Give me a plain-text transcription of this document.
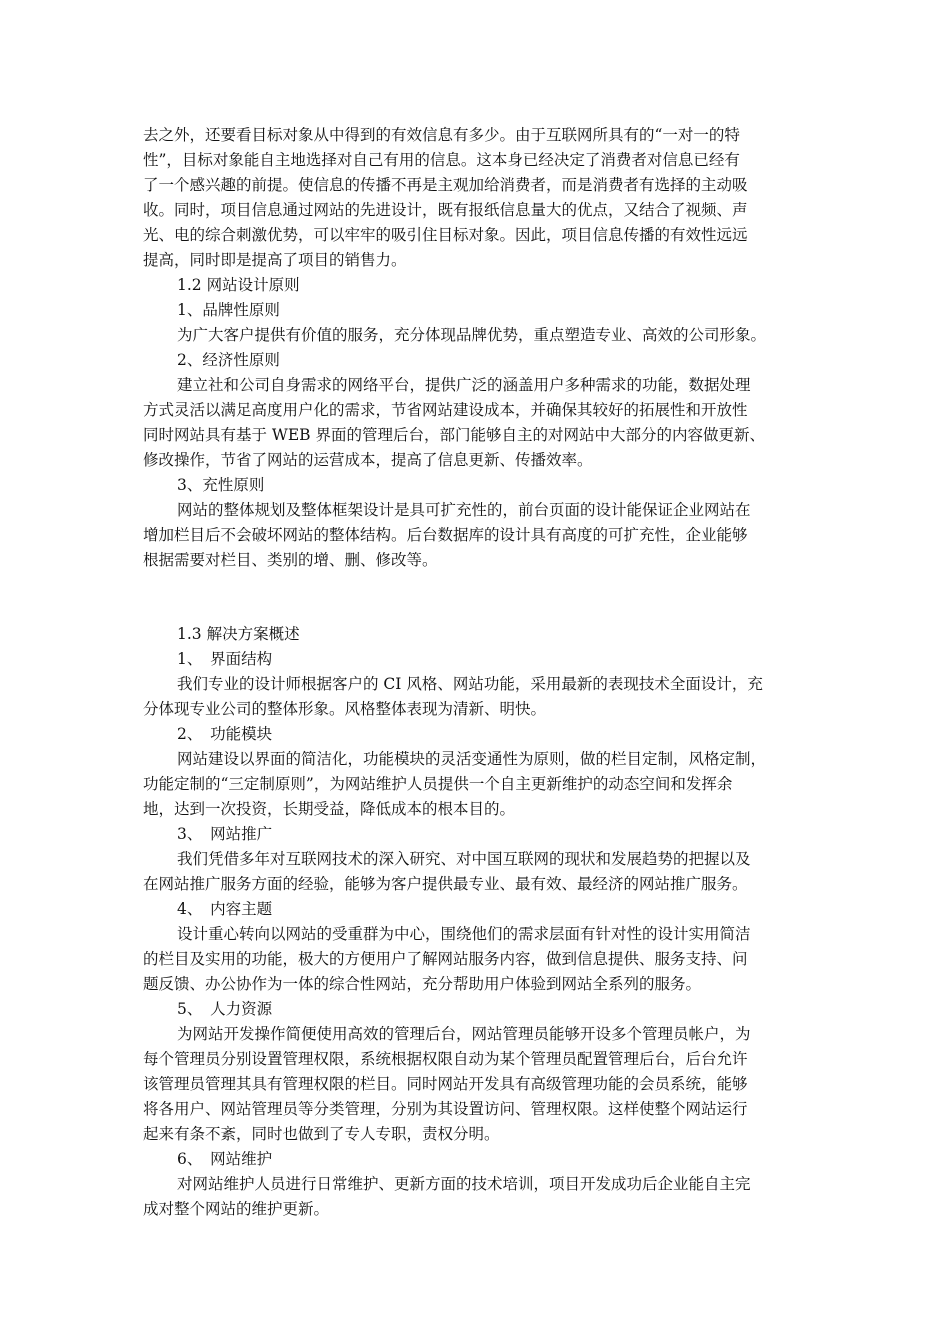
去之外，还要看目标对象从中得到的有效信息有多少。由于互联网所具有的“一对一的特
性”，目标对象能自主地选择对自己有用的信息。这本身已经决定了消费者对信息已经有
了一个感兴趣的前提。使信息的传播不再是主观加给消费者，而是消费者有选择的主动吸
收。同时，项目信息通过网站的先进设计，既有报纸信息量大的优点，又结合了视频、声
光、电的综合刺激优势，可以牢牢的吸引住目标对象。因此，项目信息传播的有效性远远
提高，同时即是提高了项目的销售力。
1.2 网站设计原则
1、品牌性原则
为广大客户提供有价值的服务，充分体现品牌优势，重点塑造专业、高效的公司形象。
2、经济性原则
建立社和公司自身需求的网络平台，提供广泛的涵盖用户多种需求的功能，数据处理
方式灵活以满足高度用户化的需求，节省网站建设成本，并确保其较好的拓展性和开放性
同时网站具有基于 WEB 界面的管理后台，部门能够自主的对网站中大部分的内容做更新、
修改操作，节省了网站的运营成本，提高了信息更新、传播效率。
3、充性原则
网站的整体规划及整体框架设计是具可扩充性的，前台页面的设计能保证企业网站在
增加栏目后不会破坏网站的整体结构。后台数据库的设计具有高度的可扩充性，企业能够
根据需要对栏目、类别的增、删、修改等。
1.3 解决方案概述
1、　界面结构
我们专业的设计师根据客户的 CI 风格、网站功能，采用最新的表现技术全面设计，充
分体现专业公司的整体形象。风格整体表现为清新、明快。
2、　功能模块
网站建设以界面的简洁化，功能模块的灵活变通性为原则，做的栏目定制，风格定制，
功能定制的“三定制原则”，为网站维护人员提供一个自主更新维护的动态空间和发挥余
地，达到一次投资，长期受益，降低成本的根本目的。
3、　网站推广
我们凭借多年对互联网技术的深入研究、对中国互联网的现状和发展趋势的把握以及
在网站推广服务方面的经验，能够为客户提供最专业、最有效、最经济的网站推广服务。
4、　内容主题
设计重心转向以网站的受重群为中心，围绕他们的需求层面有针对性的设计实用简洁
的栏目及实用的功能，极大的方便用户了解网站服务内容，做到信息提供、服务支持、问
题反馈、办公协作为一体的综合性网站，充分帮助用户体验到网站全系列的服务。
5、　人力资源
为网站开发操作简便使用高效的管理后台，网站管理员能够开设多个管理员帐户，为
每个管理员分别设置管理权限，系统根据权限自动为某个管理员配置管理后台，后台允许
该管理员管理其具有管理权限的栏目。同时网站开发具有高级管理功能的会员系统，能够
将各用户、网站管理员等分类管理，分别为其设置访问、管理权限。这样使整个网站运行
起来有条不紊，同时也做到了专人专职，责权分明。
6、　网站维护
对网站维护人员进行日常维护、更新方面的技术培训，项目开发成功后企业能自主完
成对整个网站的维护更新。
